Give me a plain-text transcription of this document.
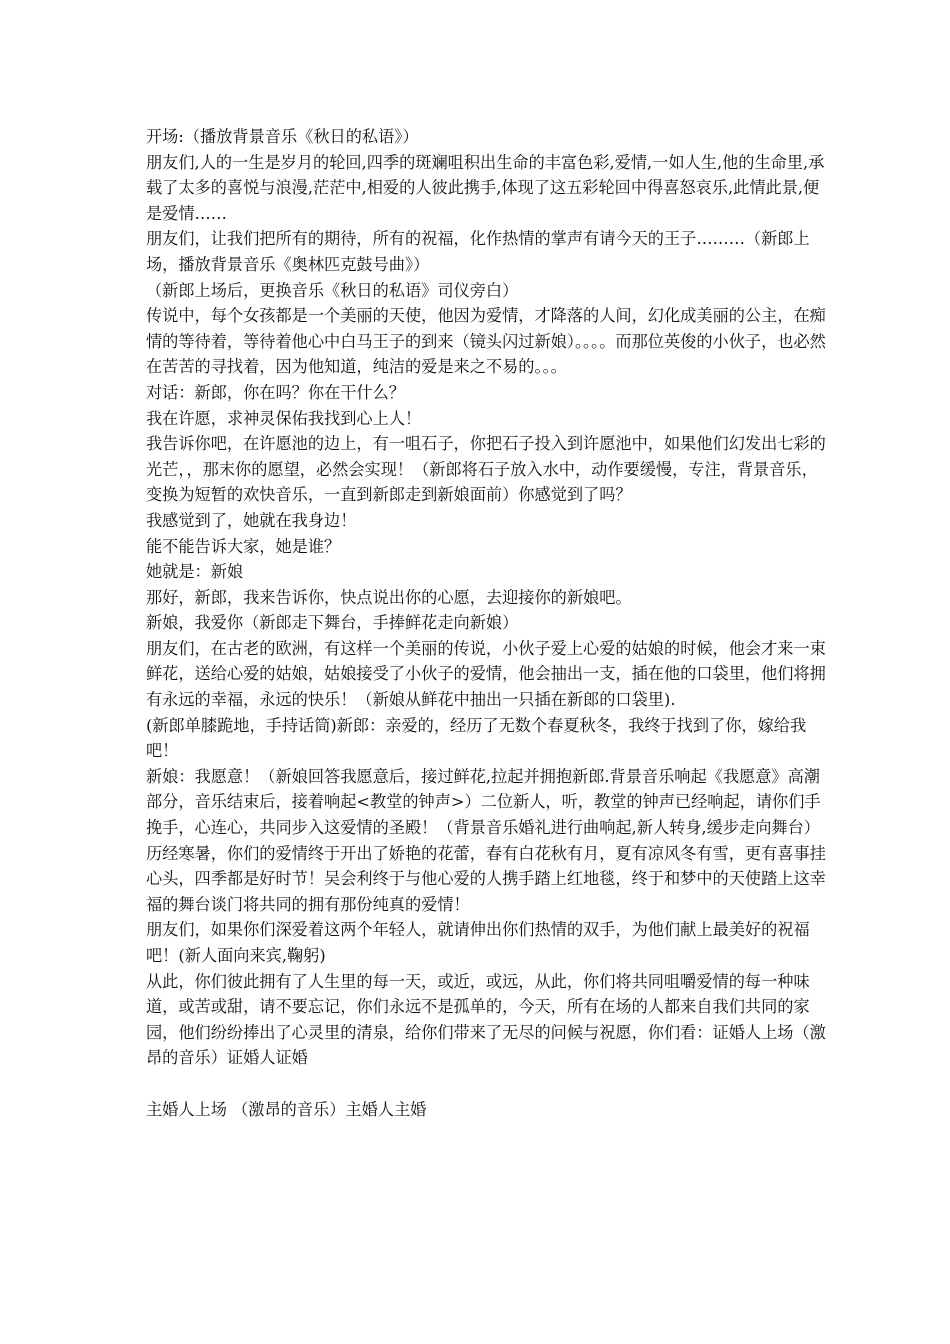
开场:（播放背景音乐《秋日的私语》）

朋友们,人的一生是岁月的轮回,四季的斑斓咀积出生命的丰富色彩,爱情,一如人生,他的生命里,承载了太多的喜悦与浪漫,茫茫中,相爱的人彼此携手,体现了这五彩轮回中得喜怒哀乐,此情此景,便是爱情……

朋友们，让我们把所有的期待，所有的祝福，化作热情的掌声有请今天的王子………（新郎上场，播放背景音乐《奥林匹克鼓号曲》）

（新郎上场后，更换音乐《秋日的私语》司仪旁白）

传说中，每个女孩都是一个美丽的天使，他因为爱情，才降落的人间，幻化成美丽的公主，在痴情的等待着，等待着他心中白马王子的到来（镜头闪过新娘）。。。。而那位英俊的小伙子，也必然在苦苦的寻找着，因为他知道，纯洁的爱是来之不易的。。。

对话：新郎，你在吗？你在干什么？

我在许愿，求神灵保佑我找到心上人！

我告诉你吧，在许愿池的边上，有一咀石子，你把石子投入到许愿池中，如果他们幻发出七彩的光芒，，那末你的愿望，必然会实现！（新郎将石子放入水中，动作要缓慢，专注，背景音乐，变换为短暂的欢快音乐，一直到新郎走到新娘面前）你感觉到了吗？

我感觉到了，她就在我身边！

能不能告诉大家，她是谁？

她就是：新娘

那好，新郎，我来告诉你，快点说出你的心愿，去迎接你的新娘吧。

新娘，我爱你（新郎走下舞台，手捧鲜花走向新娘）

朋友们，在古老的欧洲，有这样一个美丽的传说，小伙子爱上心爱的姑娘的时候，他会才来一束鲜花，送给心爱的姑娘，姑娘接受了小伙子的爱情，他会抽出一支，插在他的口袋里，他们将拥有永远的幸福，永远的快乐！（新娘从鲜花中抽出一只插在新郎的口袋里).

(新郎单膝跪地，手持话筒)新郎：亲爱的，经历了无数个春夏秋冬，我终于找到了你，嫁给我吧！

新娘：我愿意！（新娘回答我愿意后，接过鲜花,拉起并拥抱新郎.背景音乐响起《我愿意》高潮部分，音乐结束后，接着响起<教堂的钟声>）二位新人，听，教堂的钟声已经响起，请你们手挽手，心连心，共同步入这爱情的圣殿！（背景音乐婚礼进行曲响起,新人转身,缓步走向舞台）

历经寒暑，你们的爱情终于开出了娇艳的花蕾，春有白花秋有月，夏有凉风冬有雪，更有喜事挂心头，四季都是好时节！吴会利终于与他心爱的人携手踏上红地毯，终于和梦中的天使踏上这幸福的舞台谈门将共同的拥有那份纯真的爱情！

朋友们，如果你们深爱着这两个年轻人，就请伸出你们热情的双手，为他们献上最美好的祝福吧！(新人面向来宾,鞠躬)

从此，你们彼此拥有了人生里的每一天，或近，或远，从此，你们将共同咀嚼爱情的每一种味道，或苦或甜，请不要忘记，你们永远不是孤单的，今天，所有在场的人都来自我们共同的家园，他们纷纷捧出了心灵里的清泉，给你们带来了无尽的问候与祝愿，你们看：证婚人上场（激昂的音乐）证婚人证婚

主婚人上场 （激昂的音乐）主婚人主婚
